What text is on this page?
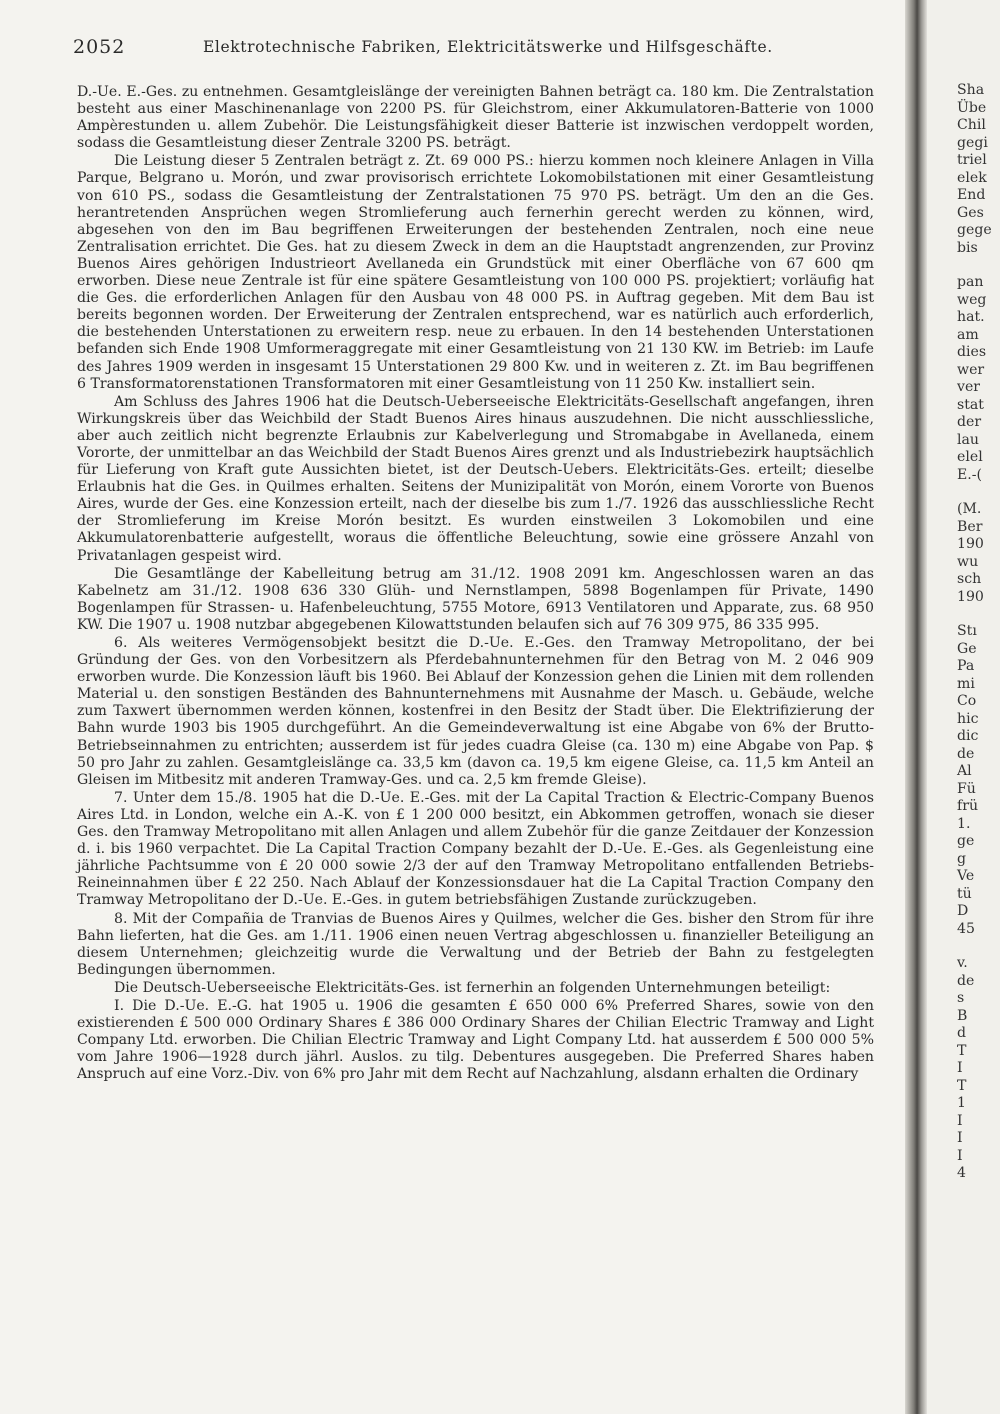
2052	Elektrotechnische Fabriken, Elektricitätswerke und Hilfsgeschäfte.

D.-Ue. E.-Ges. zu entnehmen. Gesamtgleislänge der vereinigten Bahnen beträgt ca. 180 km. Die Zentralstation besteht aus einer Maschinenanlage von 2200 PS. für Gleichstrom, einer Akkumulatoren-Batterie von 1000 Ampèrestunden u. allem Zubehör. Die Leistungsfähigkeit dieser Batterie ist inzwischen verdoppelt worden, sodass die Gesamtleistung dieser Zentrale 3200 PS. beträgt.

Die Leistung dieser 5 Zentralen beträgt z. Zt. 69 000 PS.: hierzu kommen noch kleinere Anlagen in Villa Parque, Belgrano u. Morón, und zwar provisorisch errichtete Lokomobilstationen mit einer Gesamtleistung von 610 PS., sodass die Gesamtleistung der Zentralstationen 75 970 PS. beträgt. Um den an die Ges. herantretenden Ansprüchen wegen Stromlieferung auch fernerhin gerecht werden zu können, wird, abgesehen von den im Bau begriffenen Erweiterungen der bestehenden Zentralen, noch eine neue Zentralisation errichtet. Die Ges. hat zu diesem Zweck in dem an die Hauptstadt angrenzenden, zur Provinz Buenos Aires gehörigen Industrieort Avellaneda ein Grundstück mit einer Oberfläche von 67 600 qm erworben. Diese neue Zentrale ist für eine spätere Gesamtleistung von 100 000 PS. projektiert; vorläufig hat die Ges. die erforderlichen Anlagen für den Ausbau von 48 000 PS. in Auftrag gegeben. Mit dem Bau ist bereits begonnen worden. Der Erweiterung der Zentralen entsprechend, war es natürlich auch erforderlich, die bestehenden Unterstationen zu erweitern resp. neue zu erbauen. In den 14 bestehenden Unterstationen befanden sich Ende 1908 Umformeraggregate mit einer Gesamtleistung von 21 130 KW. im Betrieb: im Laufe des Jahres 1909 werden in insgesamt 15 Unterstationen 29 800 Kw. und in weiteren z. Zt. im Bau begriffenen 6 Transformatorenstationen Transformatoren mit einer Gesamtleistung von 11 250 Kw. installiert sein.

Am Schluss des Jahres 1906 hat die Deutsch-Ueberseeische Elektricitäts-Gesellschaft angefangen, ihren Wirkungskreis über das Weichbild der Stadt Buenos Aires hinaus auszudehnen. Die nicht ausschliessliche, aber auch zeitlich nicht begrenzte Erlaubnis zur Kabelverlegung und Stromabgabe in Avellaneda, einem Vororte, der unmittelbar an das Weichbild der Stadt Buenos Aires grenzt und als Industriebezirk hauptsächlich für Lieferung von Kraft gute Aussichten bietet, ist der Deutsch-Uebers. Elektricitäts-Ges. erteilt; dieselbe Erlaubnis hat die Ges. in Quilmes erhalten. Seitens der Munizipalität von Morón, einem Vororte von Buenos Aires, wurde der Ges. eine Konzession erteilt, nach der dieselbe bis zum 1./7. 1926 das ausschliessliche Recht der Stromlieferung im Kreise Morón besitzt. Es wurden einstweilen 3 Lokomobilen und eine Akkumulatorenbatterie aufgestellt, woraus die öffentliche Beleuchtung, sowie eine grössere Anzahl von Privatanlagen gespeist wird.

Die Gesamtlänge der Kabelleitung betrug am 31./12. 1908 2091 km. Angeschlossen waren an das Kabelnetz am 31./12. 1908 636 330 Glüh- und Nernstlampen, 5898 Bogenlampen für Private, 1490 Bogenlampen für Strassen- u. Hafenbeleuchtung, 5755 Motore, 6913 Ventilatoren und Apparate, zus. 68 950 KW. Die 1907 u. 1908 nutzbar abgegebenen Kilowattstunden belaufen sich auf 76 309 975, 86 335 995.

6. Als weiteres Vermögensobjekt besitzt die D.-Ue. E.-Ges. den Tramway Metropolitano, der bei Gründung der Ges. von den Vorbesitzern als Pferdebahnunternehmen für den Betrag von M. 2 046 909 erworben wurde. Die Konzession läuft bis 1960. Bei Ablauf der Konzession gehen die Linien mit dem rollenden Material u. den sonstigen Beständen des Bahnunternehmens mit Ausnahme der Masch. u. Gebäude, welche zum Taxwert übernommen werden können, kostenfrei in den Besitz der Stadt über. Die Elektrifizierung der Bahn wurde 1903 bis 1905 durchgeführt. An die Gemeindeverwaltung ist eine Abgabe von 6% der Brutto-Betriebseinnahmen zu entrichten; ausserdem ist für jedes cuadra Gleise (ca. 130 m) eine Abgabe von Pap. $ 50 pro Jahr zu zahlen. Gesamtgleislänge ca. 33,5 km (davon ca. 19,5 km eigene Gleise, ca. 11,5 km Anteil an Gleisen im Mitbesitz mit anderen Tramway-Ges. und ca. 2,5 km fremde Gleise).

7. Unter dem 15./8. 1905 hat die D.-Ue. E.-Ges. mit der La Capital Traction & Electric-Company Buenos Aires Ltd. in London, welche ein A.-K. von £ 1 200 000 besitzt, ein Abkommen getroffen, wonach sie dieser Ges. den Tramway Metropolitano mit allen Anlagen und allem Zubehör für die ganze Zeitdauer der Konzession d. i. bis 1960 verpachtet. Die La Capital Traction Company bezahlt der D.-Ue. E.-Ges. als Gegenleistung eine jährliche Pachtsumme von £ 20 000 sowie 2/3 der auf den Tramway Metropolitano entfallenden Betriebs-Reineinnahmen über £ 22 250. Nach Ablauf der Konzessionsdauer hat die La Capital Traction Company den Tramway Metropolitano der D.-Ue. E.-Ges. in gutem betriebsfähigen Zustande zurückzugeben.

8. Mit der Compañia de Tranvias de Buenos Aires y Quilmes, welcher die Ges. bisher den Strom für ihre Bahn lieferten, hat die Ges. am 1./11. 1906 einen neuen Vertrag abgeschlossen u. finanzieller Beteiligung an diesem Unternehmen; gleichzeitig wurde die Verwaltung und der Betrieb der Bahn zu festgelegten Bedingungen übernommen.

Die Deutsch-Ueberseeische Elektricitäts-Ges. ist fernerhin an folgenden Unternehmungen beteiligt:

I. Die D.-Ue. E.-G. hat 1905 u. 1906 die gesamten £ 650 000 6% Preferred Shares, sowie von den existierenden £ 500 000 Ordinary Shares £ 386 000 Ordinary Shares der Chilian Electric Tramway and Light Company Ltd. erworben. Die Chilian Electric Tramway and Light Company Ltd. hat ausserdem £ 500 000 5% vom Jahre 1906—1928 durch jährl. Auslos. zu tilg. Debentures ausgegeben. Die Preferred Shares haben Anspruch auf eine Vorz.-Div. von 6% pro Jahr mit dem Recht auf Nachzahlung, alsdann erhalten die Ordinary

Sha
Übe
Chil
gegi
triel
elek
End
Ges
gege
bis
pan
weg
hat.
am
dies
wer
ver
stat
der
lau
elel
E.-(
(M.
Ber
190
wu
sch
190
Stı
Ge
Pa
mi
Co
hic
dic
de
Al
Fü
frü
1.
ge
g
Ve
tü
D
45
v.
de
s
B
d
T
I
T
1
I
I
I
4
